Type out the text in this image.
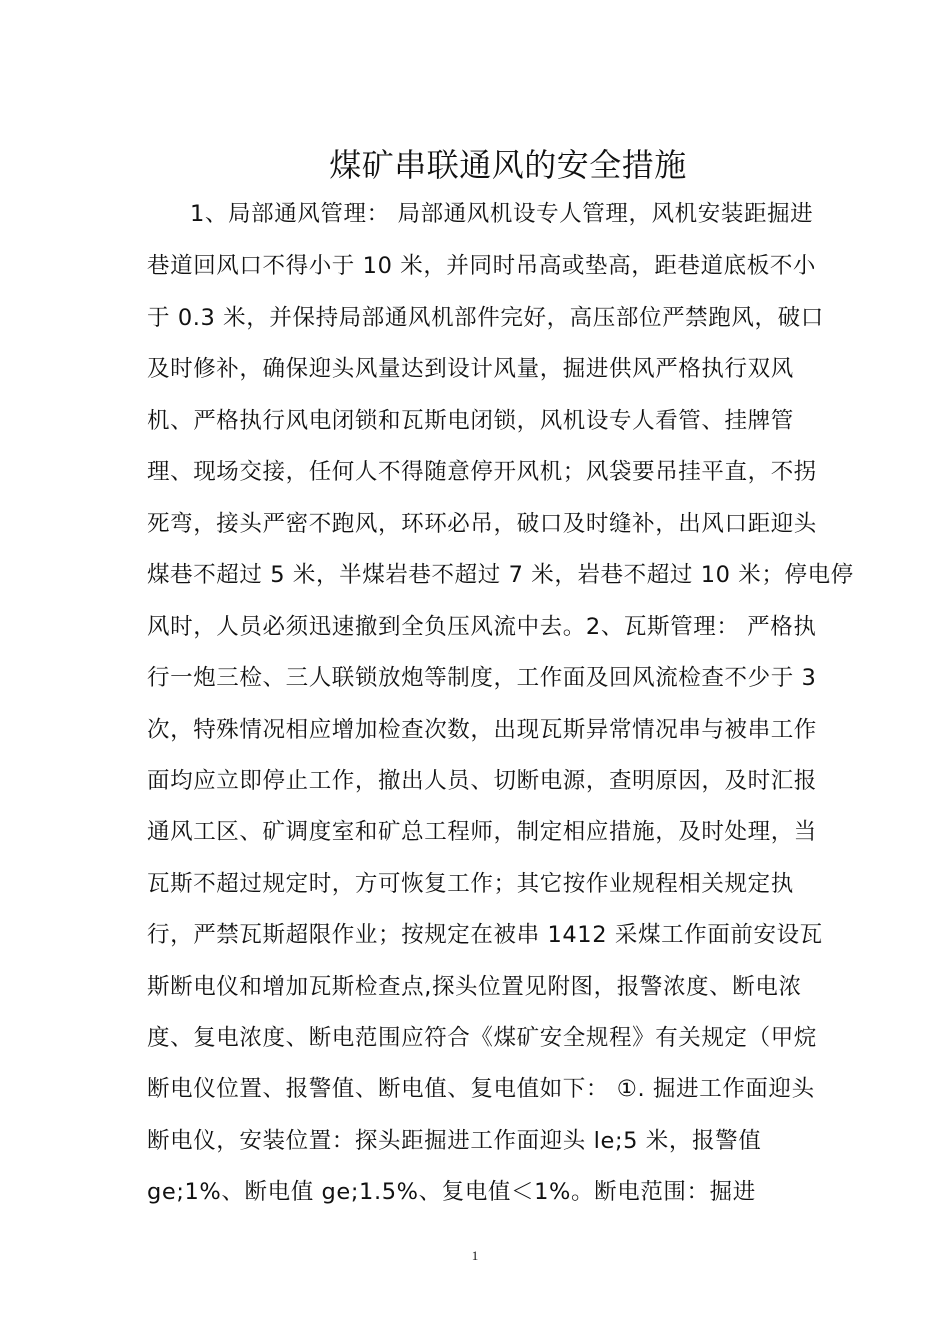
煤矿串联通风的安全措施
1、局部通风管理： 局部通风机设专人管理，风机安装距掘进
巷道回风口不得小于 10 米，并同时吊高或垫高，距巷道底板不小
于 0.3 米，并保持局部通风机部件完好，高压部位严禁跑风，破口
及时修补，确保迎头风量达到设计风量，掘进供风严格执行双风
机、严格执行风电闭锁和瓦斯电闭锁，风机设专人看管、挂牌管
理、现场交接，任何人不得随意停开风机；风袋要吊挂平直，不拐
死弯，接头严密不跑风，环环必吊，破口及时缝补，出风口距迎头
煤巷不超过 5 米，半煤岩巷不超过 7 米，岩巷不超过 10 米；停电停
风时，人员必须迅速撤到全负压风流中去。2、瓦斯管理： 严格执
行一炮三检、三人联锁放炮等制度，工作面及回风流检查不少于 3
次，特殊情况相应增加检查次数，出现瓦斯异常情况串与被串工作
面均应立即停止工作，撤出人员、切断电源，查明原因，及时汇报
通风工区、矿调度室和矿总工程师，制定相应措施，及时处理，当
瓦斯不超过规定时，方可恢复工作；其它按作业规程相关规定执
行，严禁瓦斯超限作业；按规定在被串 1412 采煤工作面前安设瓦
斯断电仪和增加瓦斯检查点,探头位置见附图，报警浓度、断电浓
度、复电浓度、断电范围应符合《煤矿安全规程》有关规定（甲烷
断电仪位置、报警值、断电值、复电值如下： ①. 掘进工作面迎头
断电仪，安装位置：探头距掘进工作面迎头 le;5 米，报警值
ge;1%、断电值 ge;1.5%、复电值＜1%。断电范围：掘进
1
